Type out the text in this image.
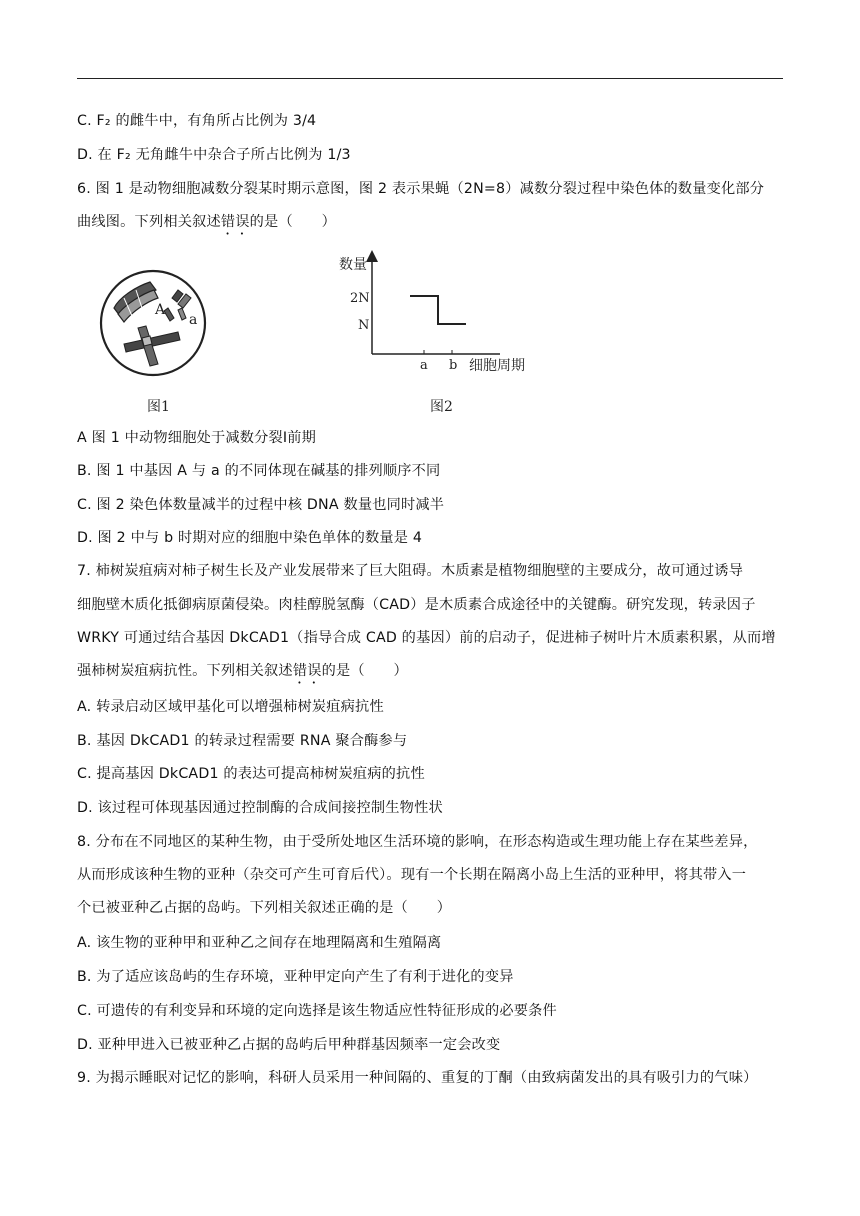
C. F₂ 的雌牛中，有角所占比例为 3/4
D. 在 F₂ 无角雌牛中杂合子所占比例为 1/3
6. 图 1 是动物细胞减数分裂某时期示意图，图 2 表示果蝇（2N=8）减数分裂过程中染色体的数量变化部分
曲线图。下列相关叙述错误的是（　　）
A
a
图1
数量
2N
N
a b 细胞周期
图2
A 图 1 中动物细胞处于减数分裂Ⅰ前期
B. 图 1 中基因 A 与 a 的不同体现在碱基的排列顺序不同
C. 图 2 染色体数量减半的过程中核 DNA 数量也同时减半
D. 图 2 中与 b 时期对应的细胞中染色单体的数量是 4
7. 柿树炭疽病对柿子树生长及产业发展带来了巨大阻碍。木质素是植物细胞壁的主要成分，故可通过诱导
细胞壁木质化抵御病原菌侵染。肉桂醇脱氢酶（CAD）是木质素合成途径中的关键酶。研究发现，转录因子
WRKY 可通过结合基因 DkCAD1（指导合成 CAD 的基因）前的启动子，促进柿子树叶片木质素积累，从而增
强柿树炭疽病抗性。下列相关叙述错误的是（　　）
A. 转录启动区域甲基化可以增强柿树炭疽病抗性
B. 基因 DkCAD1 的转录过程需要 RNA 聚合酶参与
C. 提高基因 DkCAD1 的表达可提高柿树炭疽病的抗性
D. 该过程可体现基因通过控制酶的合成间接控制生物性状
8. 分布在不同地区的某种生物，由于受所处地区生活环境的影响，在形态构造或生理功能上存在某些差异，
从而形成该种生物的亚种（杂交可产生可育后代）。现有一个长期在隔离小岛上生活的亚种甲，将其带入一
个已被亚种乙占据的岛屿。下列相关叙述正确的是（　　）
A. 该生物的亚种甲和亚种乙之间存在地理隔离和生殖隔离
B. 为了适应该岛屿的生存环境，亚种甲定向产生了有利于进化的变异
C. 可遗传的有利变异和环境的定向选择是该生物适应性特征形成的必要条件
D. 亚种甲进入已被亚种乙占据的岛屿后甲种群基因频率一定会改变
9. 为揭示睡眠对记忆的影响，科研人员采用一种间隔的、重复的丁酮（由致病菌发出的具有吸引力的气味）
